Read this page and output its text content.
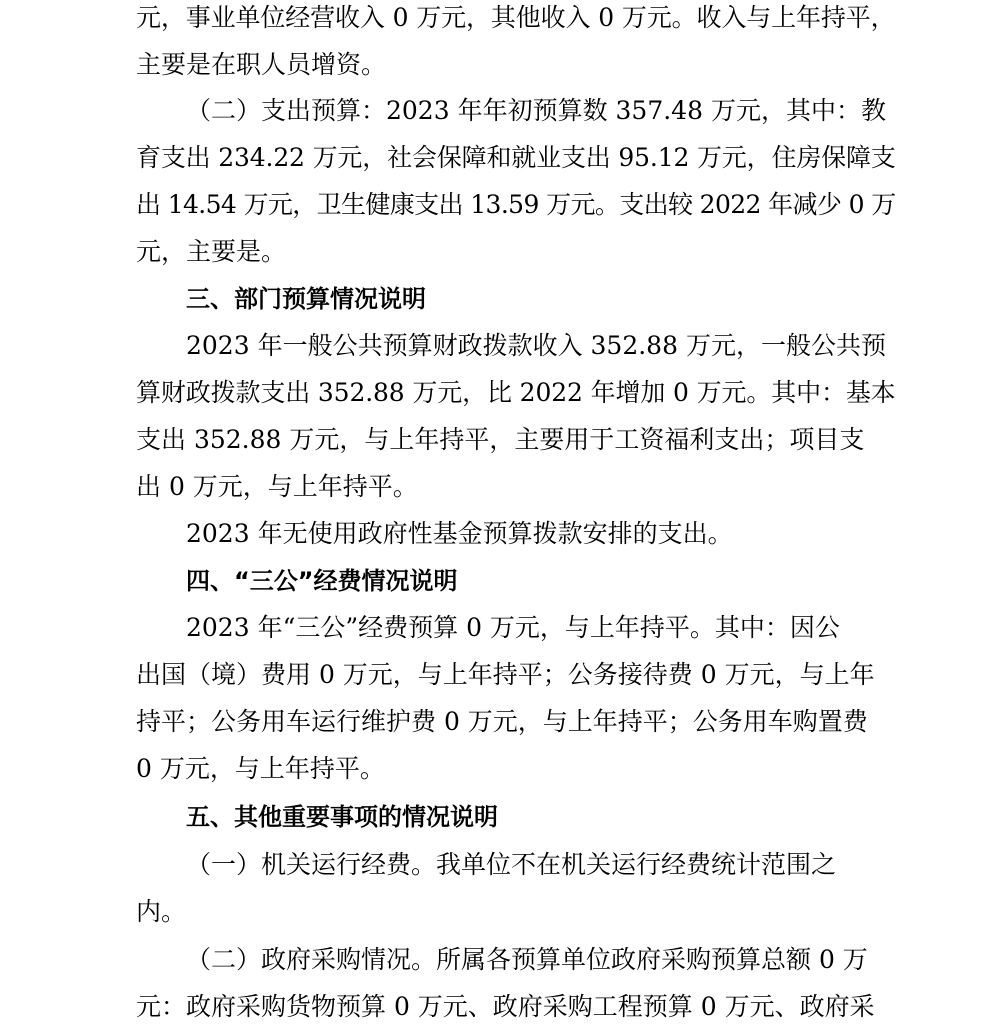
元，事业单位经营收入 0 万元，其他收入 0 万元。收入与上年持平，
主要是在职人员增资。
（二）支出预算：2023 年年初预算数 357.48 万元，其中：教
育支出 234.22 万元，社会保障和就业支出 95.12 万元，住房保障支
出 14.54 万元，卫生健康支出 13.59 万元。支出较 2022 年减少 0 万
元，主要是。
三、部门预算情况说明
2023 年一般公共预算财政拨款收入 352.88 万元，一般公共预
算财政拨款支出 352.88 万元，比 2022 年增加 0 万元。其中：基本
支出 352.88 万元，与上年持平，主要用于工资福利支出；项目支
出 0 万元，与上年持平。
2023 年无使用政府性基金预算拨款安排的支出。
四、“三公”经费情况说明
2023 年“三公”经费预算 0 万元，与上年持平。其中：因公
出国（境）费用 0 万元，与上年持平；公务接待费 0 万元，与上年
持平；公务用车运行维护费 0 万元，与上年持平；公务用车购置费
0 万元，与上年持平。
五、其他重要事项的情况说明
（一）机关运行经费。我单位不在机关运行经费统计范围之
内。
（二）政府采购情况。所属各预算单位政府采购预算总额 0 万
元：政府采购货物预算 0 万元、政府采购工程预算 0 万元、政府采
